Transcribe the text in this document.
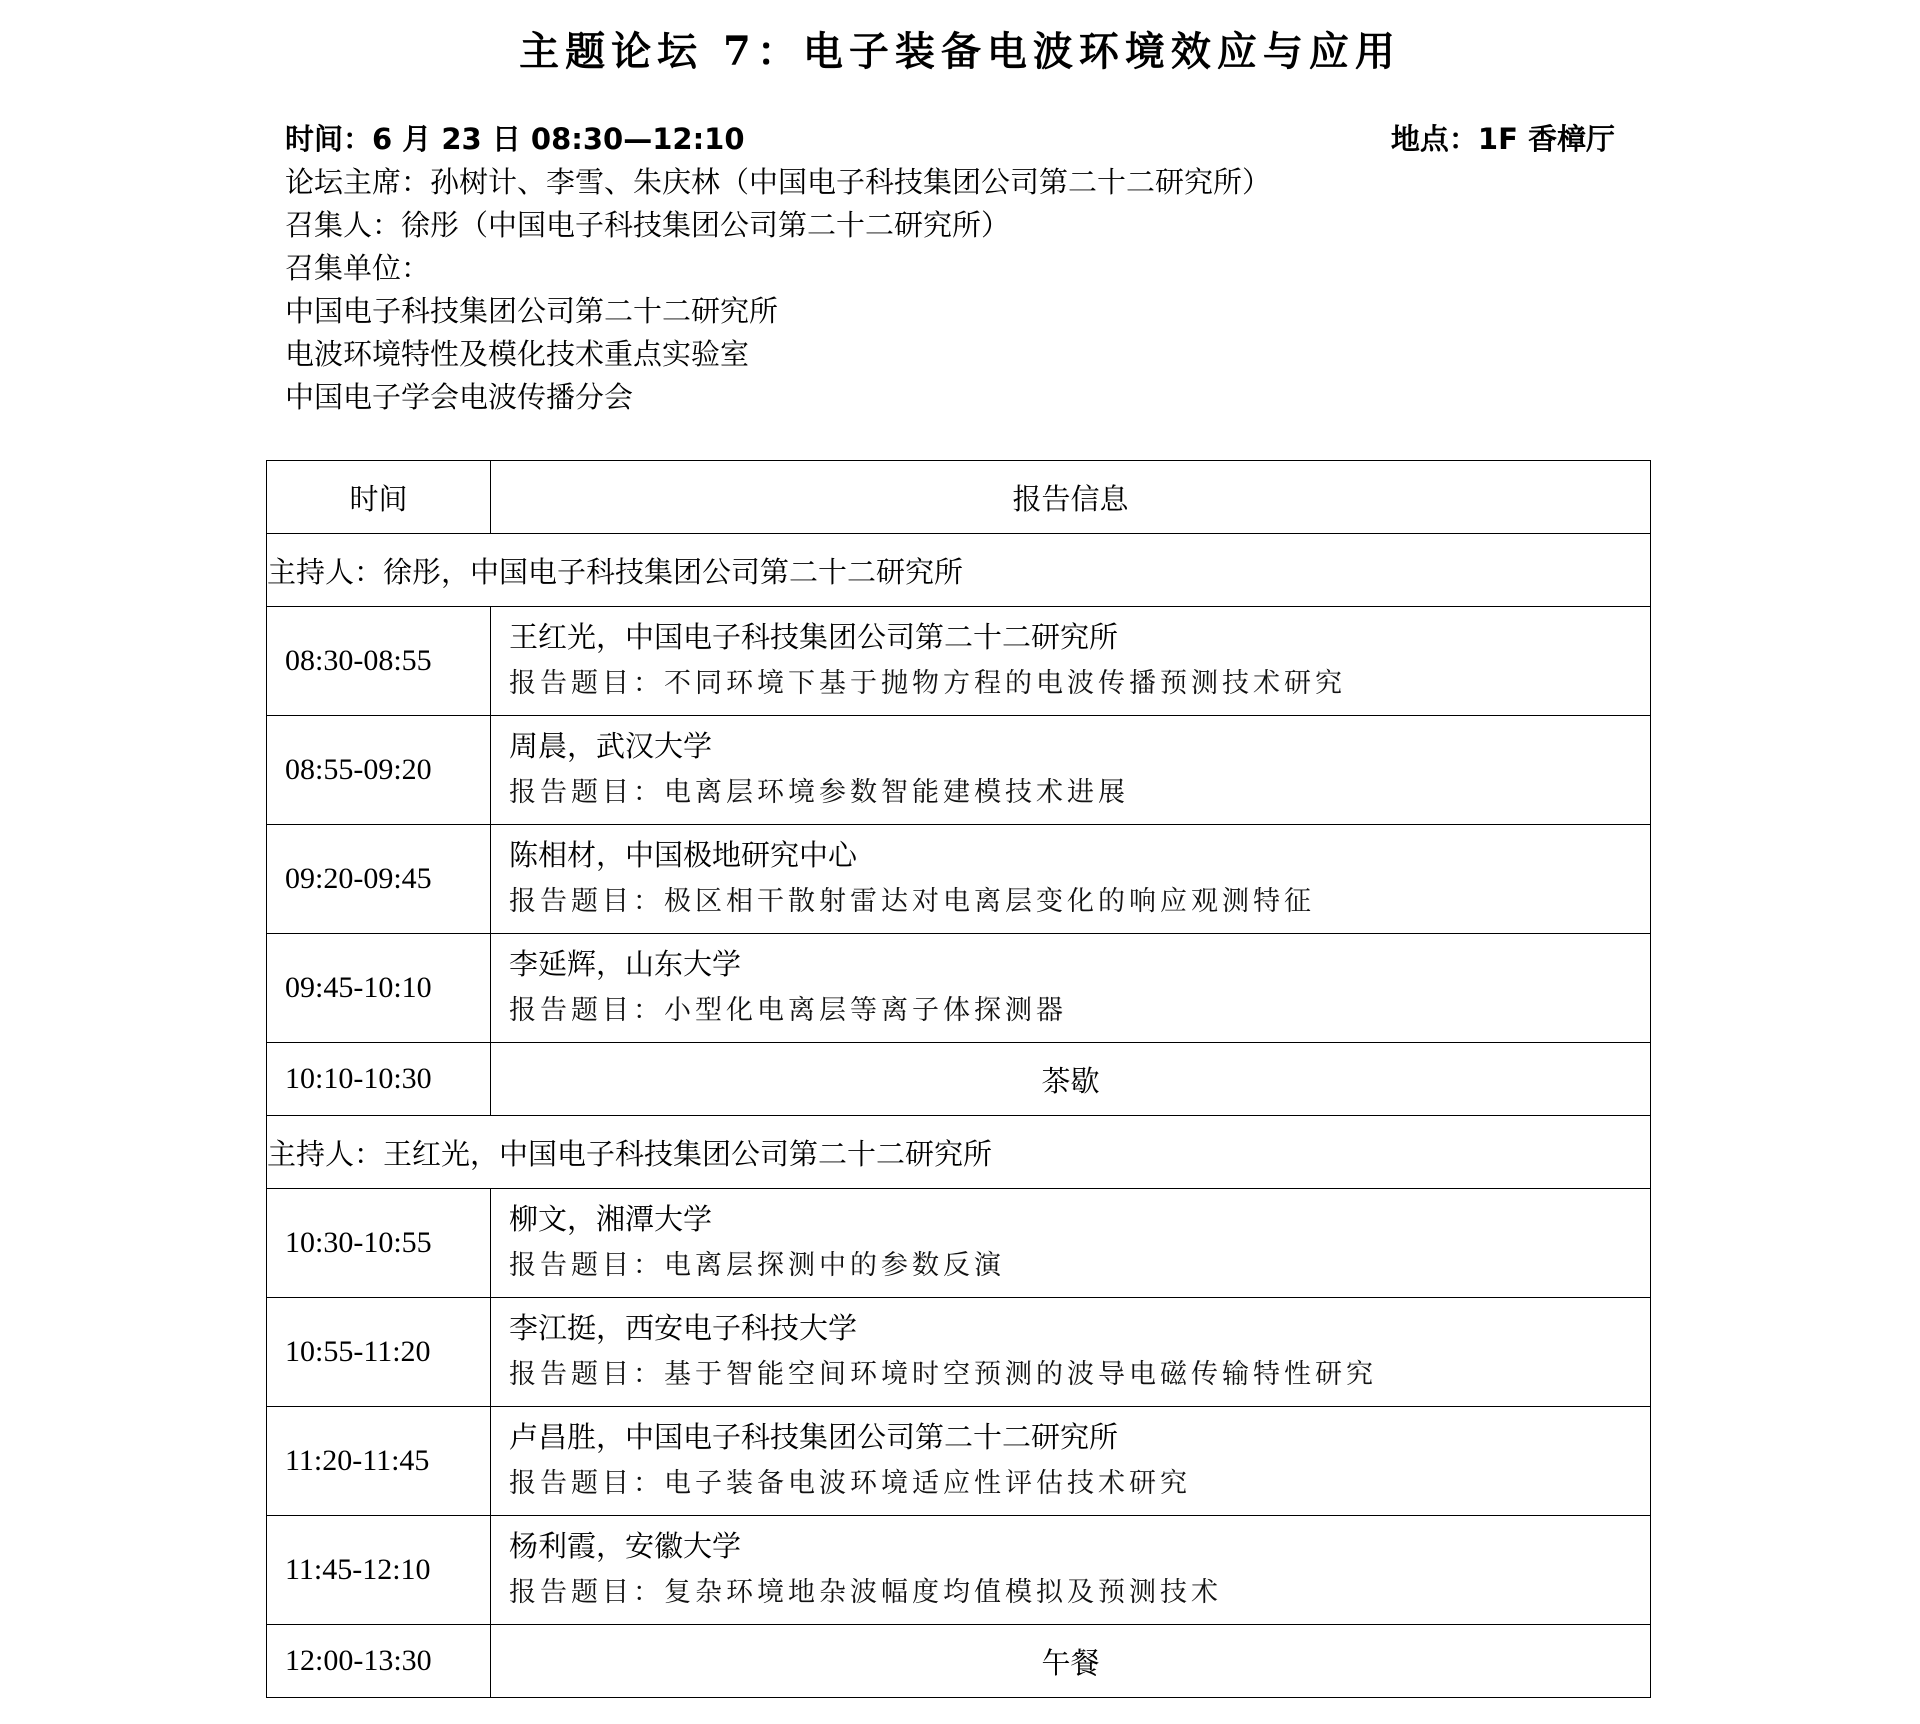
主题论坛 7：电子装备电波环境效应与应用
时间：6 月 23 日 08:30—12:10	地点：1F 香樟厅
论坛主席：孙树计、李雪、朱庆林（中国电子科技集团公司第二十二研究所）
召集人：徐彤（中国电子科技集团公司第二十二研究所）
召集单位：
中国电子科技集团公司第二十二研究所
电波环境特性及模化技术重点实验室
中国电子学会电波传播分会
时间	报告信息
主持人：徐彤，中国电子科技集团公司第二十二研究所	
08:30-08:55	王红光，中国电子科技集团公司第二十二研究所
报告题目：不同环境下基于抛物方程的电波传播预测技术研究

08:55-09:20	周晨，武汉大学
报告题目：电离层环境参数智能建模技术进展

09:20-09:45	陈相材，中国极地研究中心
报告题目：极区相干散射雷达对电离层变化的响应观测特征

09:45-10:10	李延辉，山东大学
报告题目：小型化电离层等离子体探测器

10:10-10:30	茶歇
主持人：王红光，中国电子科技集团公司第二十二研究所	
10:30-10:55	柳文，湘潭大学
报告题目：电离层探测中的参数反演

10:55-11:20	李江挺，西安电子科技大学
报告题目：基于智能空间环境时空预测的波导电磁传输特性研究

11:20-11:45	卢昌胜，中国电子科技集团公司第二十二研究所
报告题目：电子装备电波环境适应性评估技术研究

11:45-12:10	杨利霞，安徽大学
报告题目：复杂环境地杂波幅度均值模拟及预测技术

12:00-13:30	午餐
